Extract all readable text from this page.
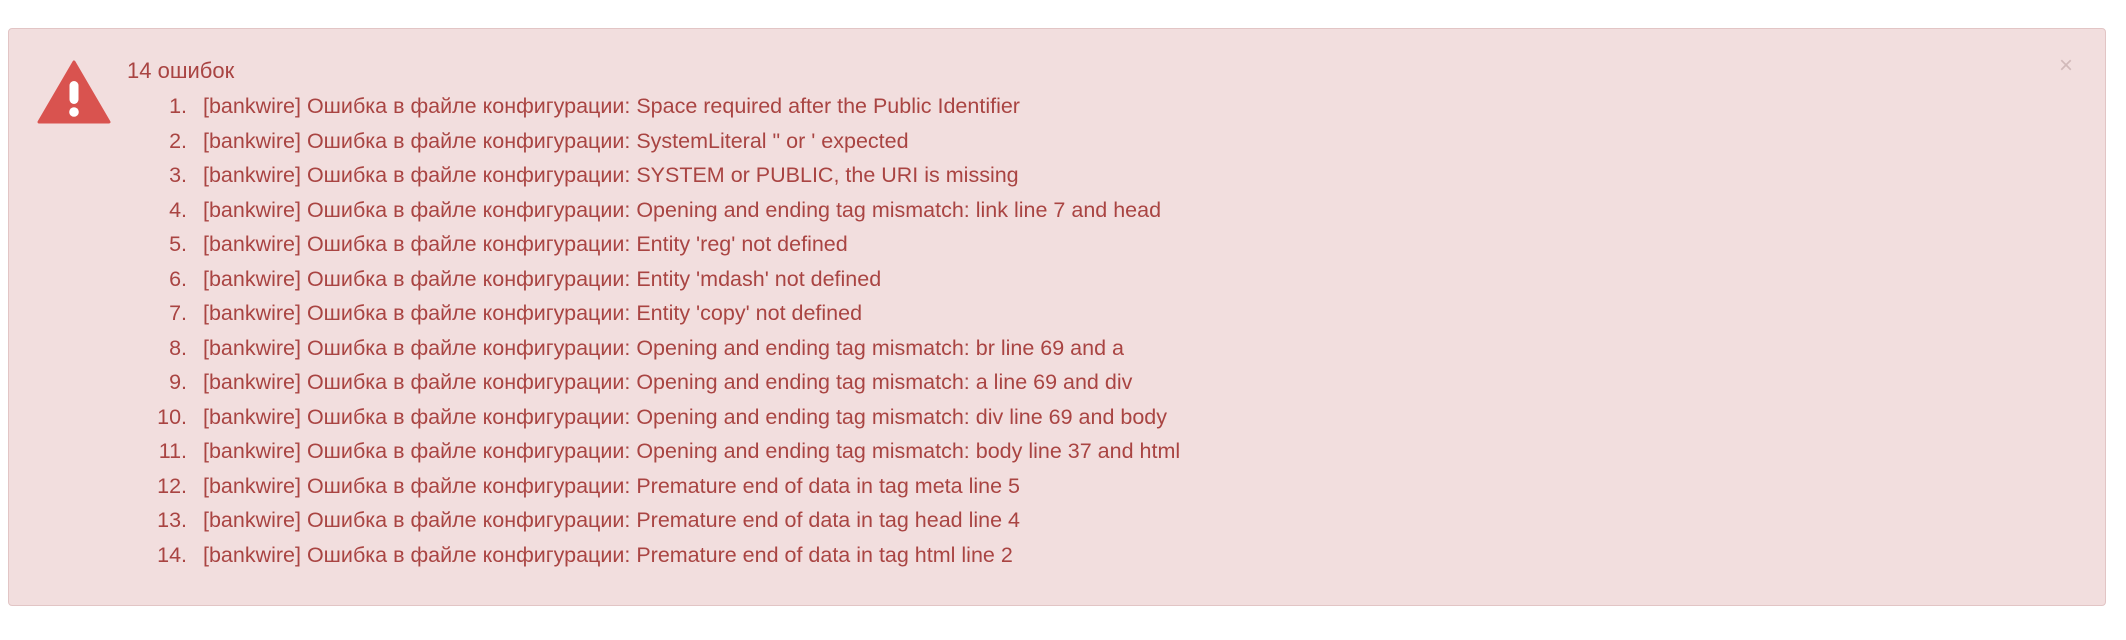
14 ошибок
1. [bankwire] Ошибка в файле конфигурации: Space required after the Public Identifier
2. [bankwire] Ошибка в файле конфигурации: SystemLiteral " or ' expected
3. [bankwire] Ошибка в файле конфигурации: SYSTEM or PUBLIC, the URI is missing
4. [bankwire] Ошибка в файле конфигурации: Opening and ending tag mismatch: link line 7 and head
5. [bankwire] Ошибка в файле конфигурации: Entity 'reg' not defined
6. [bankwire] Ошибка в файле конфигурации: Entity 'mdash' not defined
7. [bankwire] Ошибка в файле конфигурации: Entity 'copy' not defined
8. [bankwire] Ошибка в файле конфигурации: Opening and ending tag mismatch: br line 69 and a
9. [bankwire] Ошибка в файле конфигурации: Opening and ending tag mismatch: a line 69 and div
10. [bankwire] Ошибка в файле конфигурации: Opening and ending tag mismatch: div line 69 and body
11. [bankwire] Ошибка в файле конфигурации: Opening and ending tag mismatch: body line 37 and html
12. [bankwire] Ошибка в файле конфигурации: Premature end of data in tag meta line 5
13. [bankwire] Ошибка в файле конфигурации: Premature end of data in tag head line 4
14. [bankwire] Ошибка в файле конфигурации: Premature end of data in tag html line 2
×
